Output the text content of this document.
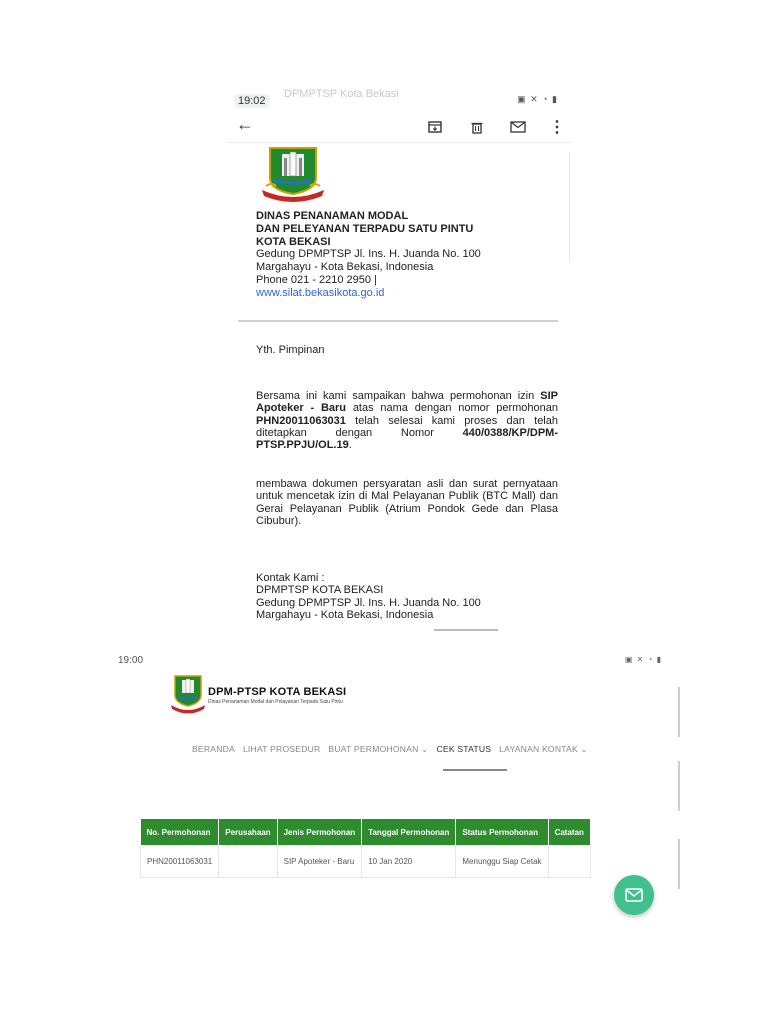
19:02
DPMPTSP Kota Bekasi	▣ ✕ ◔ ▮
←	⋮
DINAS PENANAMAN MODAL
DAN PELEYANAN TERPADU SATU PINTU
KOTA BEKASI
Gedung DPMPTSP Jl. Ins. H. Juanda No. 100
Margahayu - Kota Bekasi, Indonesia
Phone 021 - 2210 2950 |
www.silat.bekasikota.go.id
Yth. Pimpinan
Bersama ini kami sampaikan bahwa permohonan izin SIP Apoteker - Baru atas nama dengan nomor permohonan PHN20011063031 telah selesai kami proses dan telah ditetapkan dengan Nomor 440/0388/KP/DPM-PTSP.PPJU/OL.19.
membawa dokumen persyaratan asli dan surat pernyataan untuk mencetak izin di Mal Pelayanan Publik (BTC Mall) dan Gerai Pelayanan Publik (Atrium Pondok Gede dan Plasa Cibubur).
Kontak Kami :
DPMPTSP KOTA BEKASI
Gedung DPMPTSP Jl. Ins. H. Juanda No. 100
Margahayu - Kota Bekasi, Indonesia
19:00	▣ ✕ ◔ ▮
DPM-PTSP KOTA BEKASI
Dinas Penanaman Modal dan Pelayanan Terpadu Satu Pintu
BERANDA LIHAT PROSEDUR BUAT PERMOHONAN ⌄ CEK STATUS LAYANAN KONTAK ⌄
No. Permohonan	Perusahaan	Jenis Permohonan	Tanggal Permohonan	Status Permohonan	Catatan
PHN20011063031		SIP Apoteker - Baru	10 Jan 2020	Menunggu Siap Cetak	
